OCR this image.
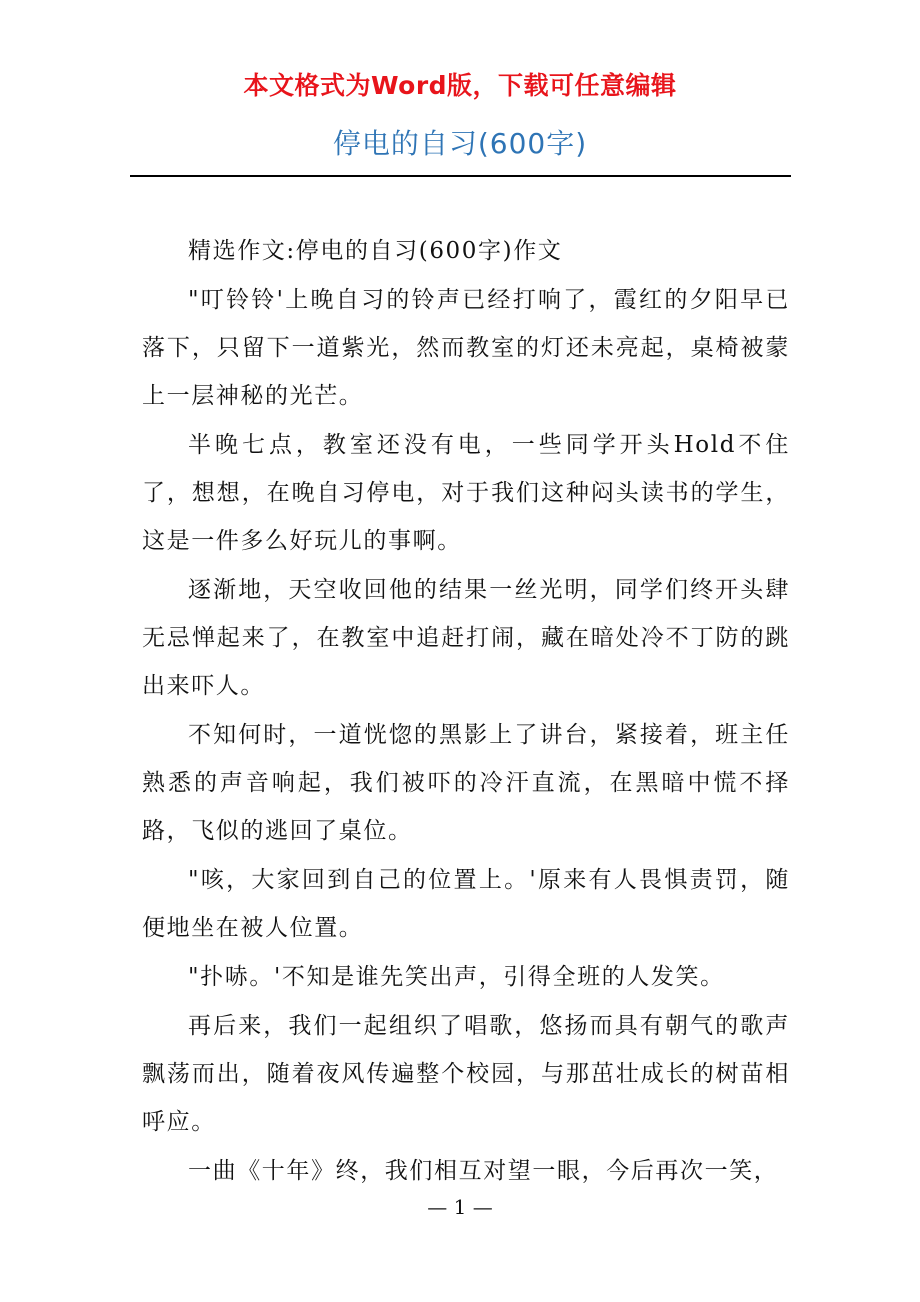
本文格式为Word版，下载可任意编辑
停电的自习(600字)

精选作文:停电的自习(600字)作文

"叮铃铃'上晚自习的铃声已经打响了，霞红的夕阳早已落下，只留下一道紫光，然而教室的灯还未亮起，桌椅被蒙上一层神秘的光芒。

半晚七点，教室还没有电，一些同学开头Hold不住了，想想，在晚自习停电，对于我们这种闷头读书的学生，这是一件多么好玩儿的事啊。

逐渐地，天空收回他的结果一丝光明，同学们终开头肆无忌惮起来了，在教室中追赶打闹，藏在暗处冷不丁防的跳出来吓人。

不知何时，一道恍惚的黑影上了讲台，紧接着，班主任熟悉的声音响起，我们被吓的冷汗直流，在黑暗中慌不择路，飞似的逃回了桌位。

"咳，大家回到自己的位置上。'原来有人畏惧责罚，随便地坐在被人位置。

"扑哧。'不知是谁先笑出声，引得全班的人发笑。

再后来，我们一起组织了唱歌，悠扬而具有朝气的歌声飘荡而出，随着夜风传遍整个校园，与那茁壮成长的树苗相呼应。

一曲《十年》终，我们相互对望一眼，今后再次一笑，

— 1 —
